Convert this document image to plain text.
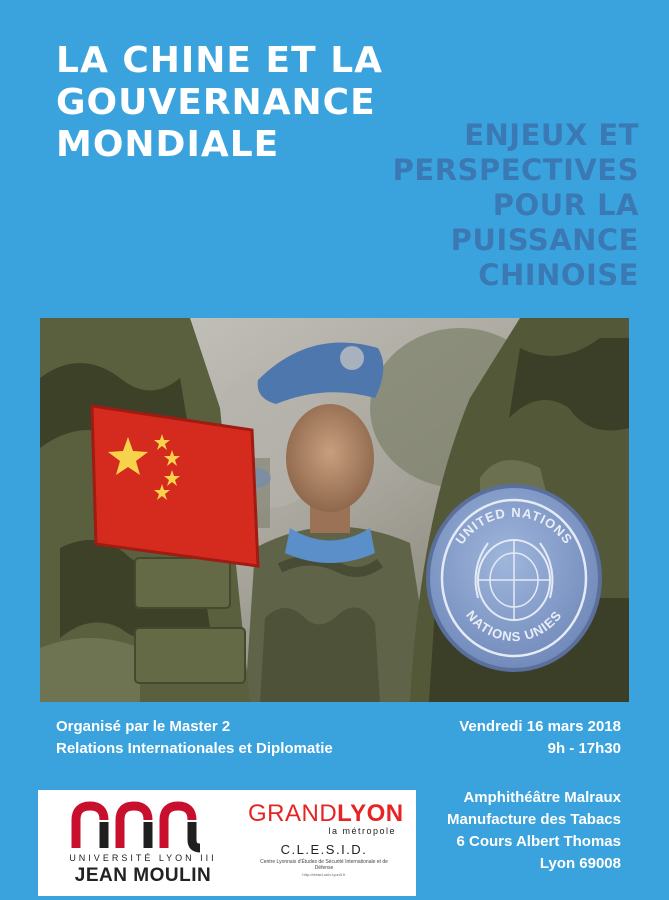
LA CHINE ET LA
GOUVERNANCE
MONDIALE	ENJEUX ET
PERSPECTIVES
POUR LA
PUISSANCE
CHINOISE
UNITED NATIONS
NATIONS UNIES
Organisé par le Master 2
Relations Internationales et Diplomatie
Vendredi 16 mars 2018
9h - 17h30
Amphithéâtre Malraux
Manufacture des Tabacs
6 Cours Albert Thomas
Lyon 69008
UNIVERSITÉ LYON III
JEAN MOULIN
GRANDLYON
la métropole
C.L.E.S.I.D.
Centre Lyonnais d'Études de Sécurité Internationale et de Défense
http://clesid.univ-lyon3.fr
